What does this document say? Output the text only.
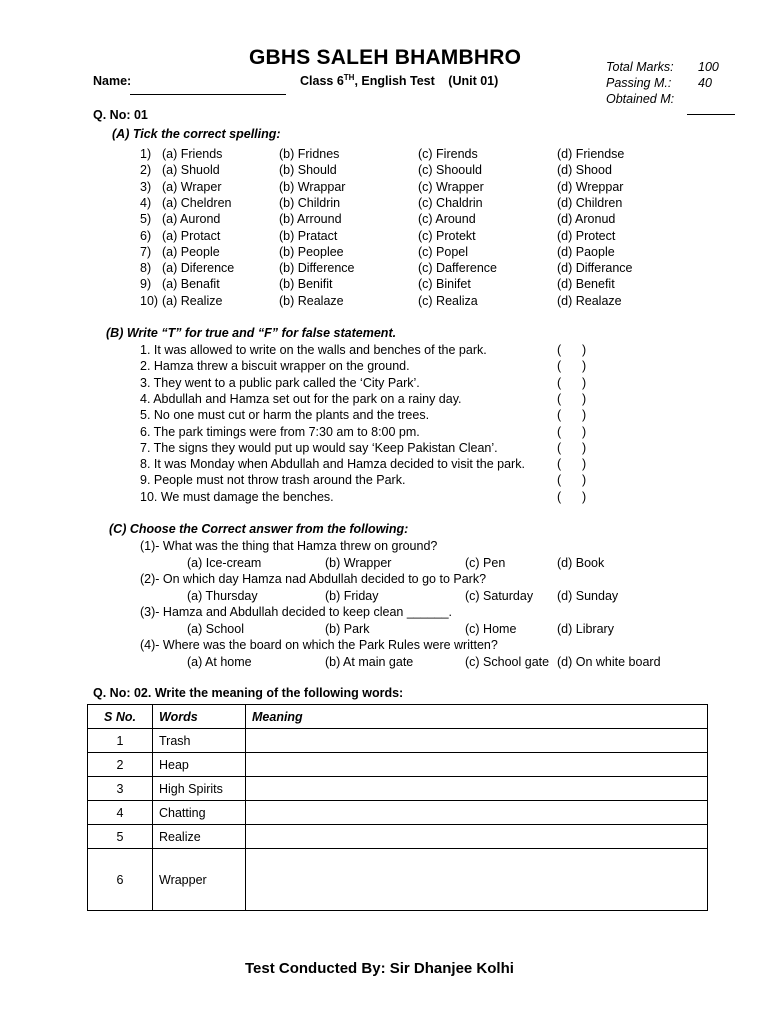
GBHS SALEH BHAMBHRO
Name:	Class 6TH, English Test (Unit 01)
Total Marks: 100
Passing M.: 40
Obtained M:
Q. No: 01
(A) Tick the correct spelling:
1) (a) Friends	(b) Fridnes	(c) Firends	(d) Friendse
2) (a) Shuold	(b) Should	(c) Shoould	(d) Shood
3) (a) Wraper	(b) Wrappar	(c) Wrapper	(d) Wreppar
4) (a) Cheldren	(b) Childrin	(c) Chaldrin	(d) Children
5) (a) Aurond	(b) Arround	(c) Around	(d) Aronud
6) (a) Protact	(b) Pratact	(c) Protekt	(d) Protect
7) (a) People	(b) Peoplee	(c) Popel	(d) Paople
8) (a) Diference	(b) Difference	(c) Dafference	(d) Differance
9) (a) Benafit	(b) Benifit	(c) Binifet	(d) Benefit
10) (a) Realize	(b) Realaze	(c) Realiza	(d) Realaze
(B) Write “T” for true and “F” for false statement.
1. It was allowed to write on the walls and benches of the park.	(      )
2. Hamza threw a biscuit wrapper on the ground.	(      )
3. They went to a public park called the ‘City Park’.	(      )
4. Abdullah and Hamza set out for the park on a rainy day.	(      )
5. No one must cut or harm the plants and the trees.	(      )
6. The park timings were from 7:30 am to 8:00 pm.	(      )
7. The signs they would put up would say ‘Keep Pakistan Clean’.	(      )
8. It was Monday when Abdullah and Hamza decided to visit the park.	(      )
9. People must not throw trash around the Park.	(      )
10. We must damage the benches.	(      )
(C) Choose the Correct answer from the following:
(1)- What was the thing that Hamza threw on ground?
(a) Ice-cream	(b) Wrapper	(c) Pen	(d) Book
(2)- On which day Hamza nad Abdullah decided to go to Park?
(a) Thursday	(b) Friday	(c) Saturday (d) Sunday
(3)- Hamza and Abdullah decided to keep clean ______.
(a) School	(b) Park	(c) Home	(d) Library
(4)- Where was the board on which the Park Rules were written?
(a) At home	(b) At main gate	(c) School gate (d) On white board
Q. No: 02. Write the meaning of the following words:
S No.	Words	Meaning
1	Trash	
2	Heap	
3	High Spirits	
4	Chatting	
5	Realize	
6	Wrapper	
Test Conducted By: Sir Dhanjee Kolhi
